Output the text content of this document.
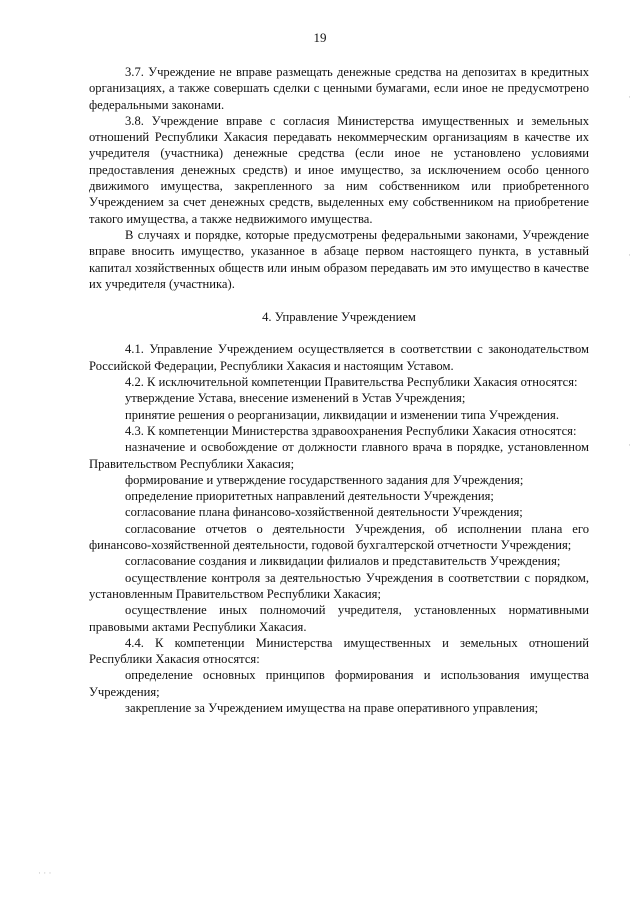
19

3.7. Учреждение не вправе размещать денежные средства на депозитах в кредитных организациях, а также совершать сделки с ценными бумагами, если иное не предусмотрено федеральными законами.

3.8. Учреждение вправе с согласия Министерства имущественных и земельных отношений Республики Хакасия передавать некоммерческим организациям в качестве их учредителя (участника) денежные средства (если иное не установлено условиями предоставления денежных средств) и иное имущество, за исключением особо ценного движимого имущества, закрепленного за ним собственником или приобретенного Учреждением за счет денежных средств, выделенных ему собственником на приобретение такого имущества, а также недвижимого имущества.

В случаях и порядке, которые предусмотрены федеральными законами, Учреждение вправе вносить имущество, указанное в абзаце первом настоящего пункта, в уставный капитал хозяйственных обществ или иным образом передавать им это имущество в качестве их учредителя (участника).

4. Управление Учреждением

4.1. Управление Учреждением осуществляется в соответствии с законодательством Российской Федерации, Республики Хакасия и настоящим Уставом.

4.2. К исключительной компетенции Правительства Республики Хакасия относятся:

утверждение Устава, внесение изменений в Устав Учреждения;

принятие решения о реорганизации, ликвидации и изменении типа Учреждения.

4.3. К компетенции Министерства здравоохранения Республики Хакасия относятся:

назначение и освобождение от должности главного врача в порядке, установленном Правительством Республики Хакасия;

формирование и утверждение государственного задания для Учреждения;

определение приоритетных направлений деятельности Учреждения;

согласование плана финансово-хозяйственной деятельности Учреждения;

согласование отчетов о деятельности Учреждения, об исполнении плана его финансово-хозяйственной деятельности, годовой бухгалтерской отчетности Учреждения;

согласование создания и ликвидации филиалов и представительств Учреждения;

осуществление контроля за деятельностью Учреждения в соответствии с порядком, установленным Правительством Республики Хакасия;

осуществление иных полномочий учредителя, установленных нормативными правовыми актами Республики Хакасия.

4.4. К компетенции Министерства имущественных и земельных отношений Республики Хакасия относятся:

определение основных принципов формирования и использования имущества Учреждения;

закрепление за Учреждением имущества на праве оперативного управления;

·
·
·
· · ·
